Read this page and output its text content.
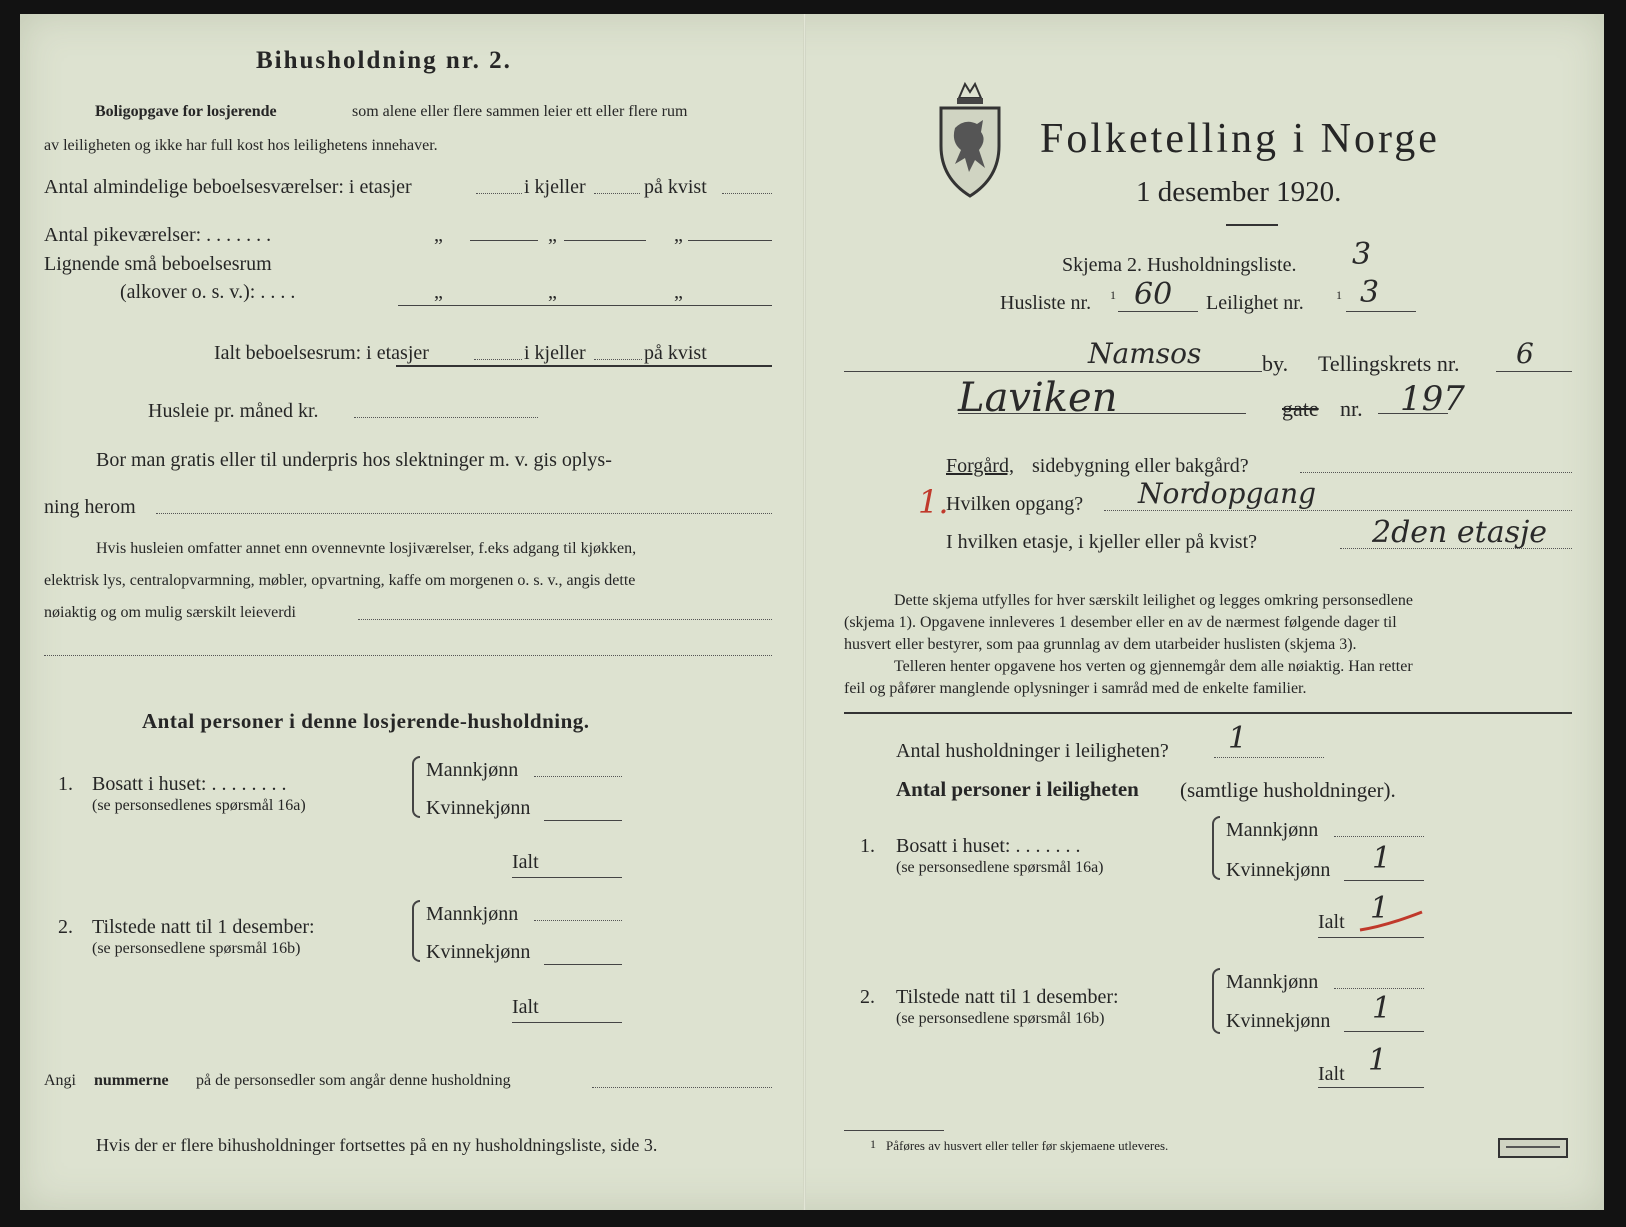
Bihusholdning nr. 2.
Boligopgave for losjerende	som alene eller flere sammen leier ett eller flere rum
av leiligheten og ikke har full kost hos leilighetens innehaver.
Antal almindelige beboelsesværelser: i etasjer	i kjeller	på kvist
Antal pikeværelser: . . . . . . .	„	„	„
Lignende små beboelsesrum
(alkover o. s. v.): . . . .	„	„	„
Ialt beboelsesrum: i etasjer	i kjeller	på kvist
Husleie pr. måned kr.
Bor man gratis eller til underpris hos slektninger m. v. gis oplys-
ning herom
Hvis husleien omfatter annet enn ovennevnte losjiværelser, f.eks adgang til kjøkken,
elektrisk lys, centralopvarmning, møbler, opvartning, kaffe om morgenen o. s. v., angis dette
nøiaktig og om mulig særskilt leieverdi
Antal personer i denne losjerende-husholdning.
1. Bosatt i huset: . . . . . . . .
(se personsedlenes spørsmål 16a)
Mannkjønn
Kvinnekjønn
Ialt
2. Tilstede natt til 1 desember:
(se personsedlene spørsmål 16b)
Mannkjønn
Kvinnekjønn
Ialt
Angi nummerne på de personsedler som angår denne husholdning
Hvis der er flere bihusholdninger fortsettes på en ny husholdningsliste, side 3.
Folketelling i Norge
1 desember 1920.
Skjema 2. Husholdningsliste. 3
Husliste nr. 1 60 Leilighet nr.	1 3
Namsos	by. Tellingskrets nr. 6
Laviken	gate nr. 197
Forgård, sidebygning eller bakgård?
1.
Hvilken opgang? Nordopgang
I hvilken etasje, i kjeller eller på kvist?	2den etasje
Dette skjema utfylles for hver særskilt leilighet og legges omkring personsedlene
(skjema 1). Opgavene innleveres 1 desember eller en av de nærmest følgende dager til
husvert eller bestyrer, som paa grunnlag av dem utarbeider huslisten (skjema 3).
Telleren henter opgavene hos verten og gjennemgår dem alle nøiaktig. Han retter
feil og påfører manglende oplysninger i samråd med de enkelte familier.
Antal husholdninger i leiligheten? 1
Antal personer i leiligheten (samtlige husholdninger).
1. Bosatt i huset: . . . . . . .
(se personsedlene spørsmål 16a)
Mannkjønn
Kvinnekjønn 1
Ialt 1
2. Tilstede natt til 1 desember:
(se personsedlene spørsmål 16b)
Mannkjønn
Kvinnekjønn 1
Ialt 1
1 Påføres av husvert eller teller før skjemaene utleveres.
